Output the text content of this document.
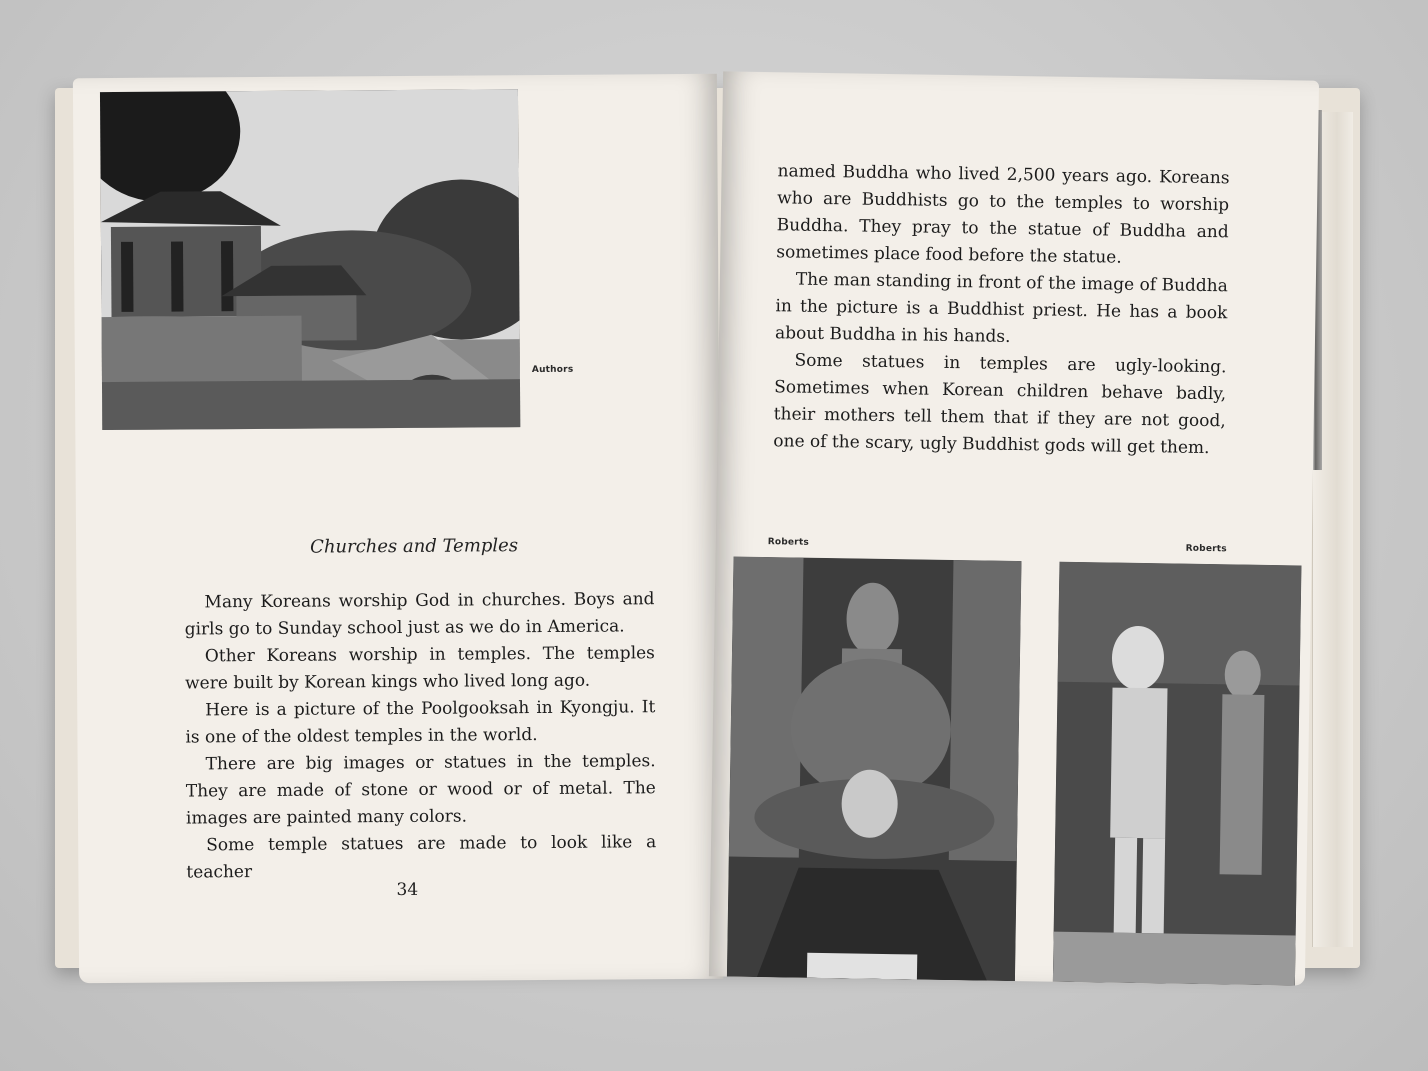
Authors
Churches and Temples

Many Koreans worship God in churches. Boys and girls go to Sunday school just as we do in America.

Other Koreans worship in temples. The temples were built by Korean kings who lived long ago.

Here is a picture of the Poolgooksah in Kyongju. It is one of the oldest temples in the world.

There are big images or statues in the temples. They are made of stone or wood or of metal. The images are painted many colors.

Some temple statues are made to look like a teacher

34

named Buddha who lived 2,500 years ago. Koreans who are Buddhists go to the temples to worship Buddha. They pray to the statue of Buddha and sometimes place food before the statue.

The man standing in front of the image of Buddha in the picture is a Buddhist priest. He has a book about Buddha in his hands.

Some statues in temples are ugly-looking. Sometimes when Korean children behave badly, their mothers tell them that if they are not good, one of the scary, ugly Buddhist gods will get them.

Roberts
Roberts
